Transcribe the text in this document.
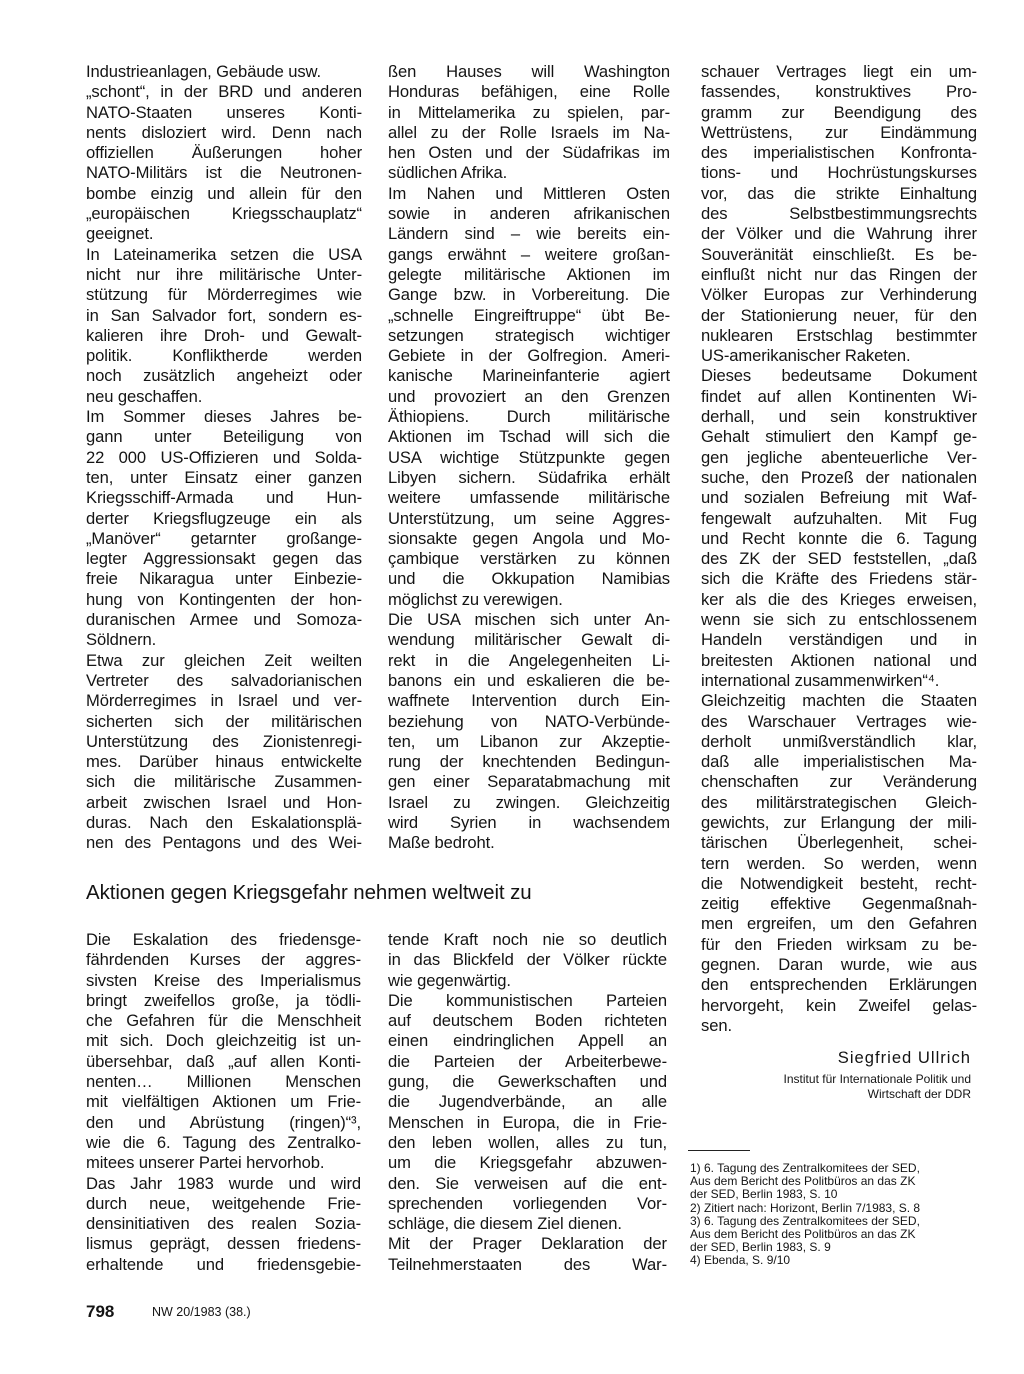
Industrieanlagen, Gebäude usw.
„schont“, in der BRD und anderen
NATO-Staaten unseres Konti-
nents disloziert wird. Denn nach
offiziellen Äußerungen hoher
NATO-Militärs ist die Neutronen-
bombe einzig und allein für den
„europäischen Kriegsschauplatz“
geeignet.
In Lateinamerika setzen die USA
nicht nur ihre militärische Unter-
stützung für Mörderregimes wie
in San Salvador fort, sondern es-
kalieren ihre Droh- und Gewalt-
politik. Konfliktherde werden
noch zusätzlich angeheizt oder
neu geschaffen.
Im Sommer dieses Jahres be-
gann unter Beteiligung von
22 000 US-Offizieren und Solda-
ten, unter Einsatz einer ganzen
Kriegsschiff-Armada und Hun-
derter Kriegsflugzeuge ein als
„Manöver“ getarnter großange-
legter Aggressionsakt gegen das
freie Nikaragua unter Einbezie-
hung von Kontingenten der hon-
duranischen Armee und Somoza-
Söldnern.
Etwa zur gleichen Zeit weilten
Vertreter des salvadorianischen
Mörderregimes in Israel und ver-
sicherten sich der militärischen
Unterstützung des Zionistenregi-
mes. Darüber hinaus entwickelte
sich die militärische Zusammen-
arbeit zwischen Israel und Hon-
duras. Nach den Eskalationsplä-
nen des Pentagons und des Wei-
ßen Hauses will Washington
Honduras befähigen, eine Rolle
in Mittelamerika zu spielen, par-
allel zu der Rolle Israels im Na-
hen Osten und der Südafrikas im
südlichen Afrika.
Im Nahen und Mittleren Osten
sowie in anderen afrikanischen
Ländern sind – wie bereits ein-
gangs erwähnt – weitere großan-
gelegte militärische Aktionen im
Gange bzw. in Vorbereitung. Die
„schnelle Eingreiftruppe“ übt Be-
setzungen strategisch wichtiger
Gebiete in der Golfregion. Ameri-
kanische Marineinfanterie agiert
und provoziert an den Grenzen
Äthiopiens. Durch militärische
Aktionen im Tschad will sich die
USA wichtige Stützpunkte gegen
Libyen sichern. Südafrika erhält
weitere umfassende militärische
Unterstützung, um seine Aggres-
sionsakte gegen Angola und Mo-
çambique verstärken zu können
und die Okkupation Namibias
möglichst zu verewigen.
Die USA mischen sich unter An-
wendung militärischer Gewalt di-
rekt in die Angelegenheiten Li-
banons ein und eskalieren die be-
waffnete Intervention durch Ein-
beziehung von NATO-Verbünde-
ten, um Libanon zur Akzeptie-
rung der knechtenden Bedingun-
gen einer Separatabmachung mit
Israel zu zwingen. Gleichzeitig
wird Syrien in wachsendem
Maße bedroht.
schauer Vertrages liegt ein um-
fassendes, konstruktives Pro-
gramm zur Beendigung des
Wettrüstens, zur Eindämmung
des imperialistischen Konfronta-
tions- und Hochrüstungskurses
vor, das die strikte Einhaltung
des Selbstbestimmungsrechts
der Völker und die Wahrung ihrer
Souveränität einschließt. Es be-
einflußt nicht nur das Ringen der
Völker Europas zur Verhinderung
der Stationierung neuer, für den
nuklearen Erstschlag bestimmter
US-amerikanischer Raketen.
Dieses bedeutsame Dokument
findet auf allen Kontinenten Wi-
derhall, und sein konstruktiver
Gehalt stimuliert den Kampf ge-
gen jegliche abenteuerliche Ver-
suche, den Prozeß der nationalen
und sozialen Befreiung mit Waf-
fengewalt aufzuhalten. Mit Fug
und Recht konnte die 6. Tagung
des ZK der SED feststellen, „daß
sich die Kräfte des Friedens stär-
ker als die des Krieges erweisen,
wenn sie sich zu entschlossenem
Handeln verständigen und in
breitesten Aktionen national und
international zusammenwirken“⁴.
Gleichzeitig machten die Staaten
des Warschauer Vertrages wie-
derholt unmißverständlich klar,
daß alle imperialistischen Ma-
chenschaften zur Veränderung
des militärstrategischen Gleich-
gewichts, zur Erlangung der mili-
tärischen Überlegenheit, schei-
tern werden. So werden, wenn
die Notwendigkeit besteht, recht-
zeitig effektive Gegenmaßnah-
men ergreifen, um den Gefahren
für den Frieden wirksam zu be-
gegnen. Daran wurde, wie aus
den entsprechenden Erklärungen
hervorgeht, kein Zweifel gelas-
sen.
Aktionen gegen Kriegsgefahr nehmen weltweit zu
Die Eskalation des friedensge-
fährdenden Kurses der aggres-
sivsten Kreise des Imperialismus
bringt zweifellos große, ja tödli-
che Gefahren für die Menschheit
mit sich. Doch gleichzeitig ist un-
übersehbar, daß „auf allen Konti-
nenten… Millionen Menschen
mit vielfältigen Aktionen um Frie-
den und Abrüstung (ringen)“³,
wie die 6. Tagung des Zentralko-
mitees unserer Partei hervorhob.
Das Jahr 1983 wurde und wird
durch neue, weitgehende Frie-
densinitiativen des realen Sozia-
lismus geprägt, dessen friedens-
erhaltende und friedensgebie-
tende Kraft noch nie so deutlich
in das Blickfeld der Völker rückte
wie gegenwärtig.
Die kommunistischen Parteien
auf deutschem Boden richteten
einen eindringlichen Appell an
die Parteien der Arbeiterbewe-
gung, die Gewerkschaften und
die Jugendverbände, an alle
Menschen in Europa, die in Frie-
den leben wollen, alles zu tun,
um die Kriegsgefahr abzuwen-
den. Sie verweisen auf die ent-
sprechenden vorliegenden Vor-
schläge, die diesem Ziel dienen.
Mit der Prager Deklaration der
Teilnehmerstaaten des War-
Siegfried Ullrich
Institut für Internationale Politik und
Wirtschaft der DDR
1) 6. Tagung des Zentralkomitees der SED,
Aus dem Bericht des Politbüros an das ZK
der SED, Berlin 1983, S. 10
2) Zitiert nach: Horizont, Berlin 7/1983, S. 8
3) 6. Tagung des Zentralkomitees der SED,
Aus dem Bericht des Politbüros an das ZK
der SED, Berlin 1983, S. 9
4) Ebenda, S. 9/10
798	NW 20/1983 (38.)
